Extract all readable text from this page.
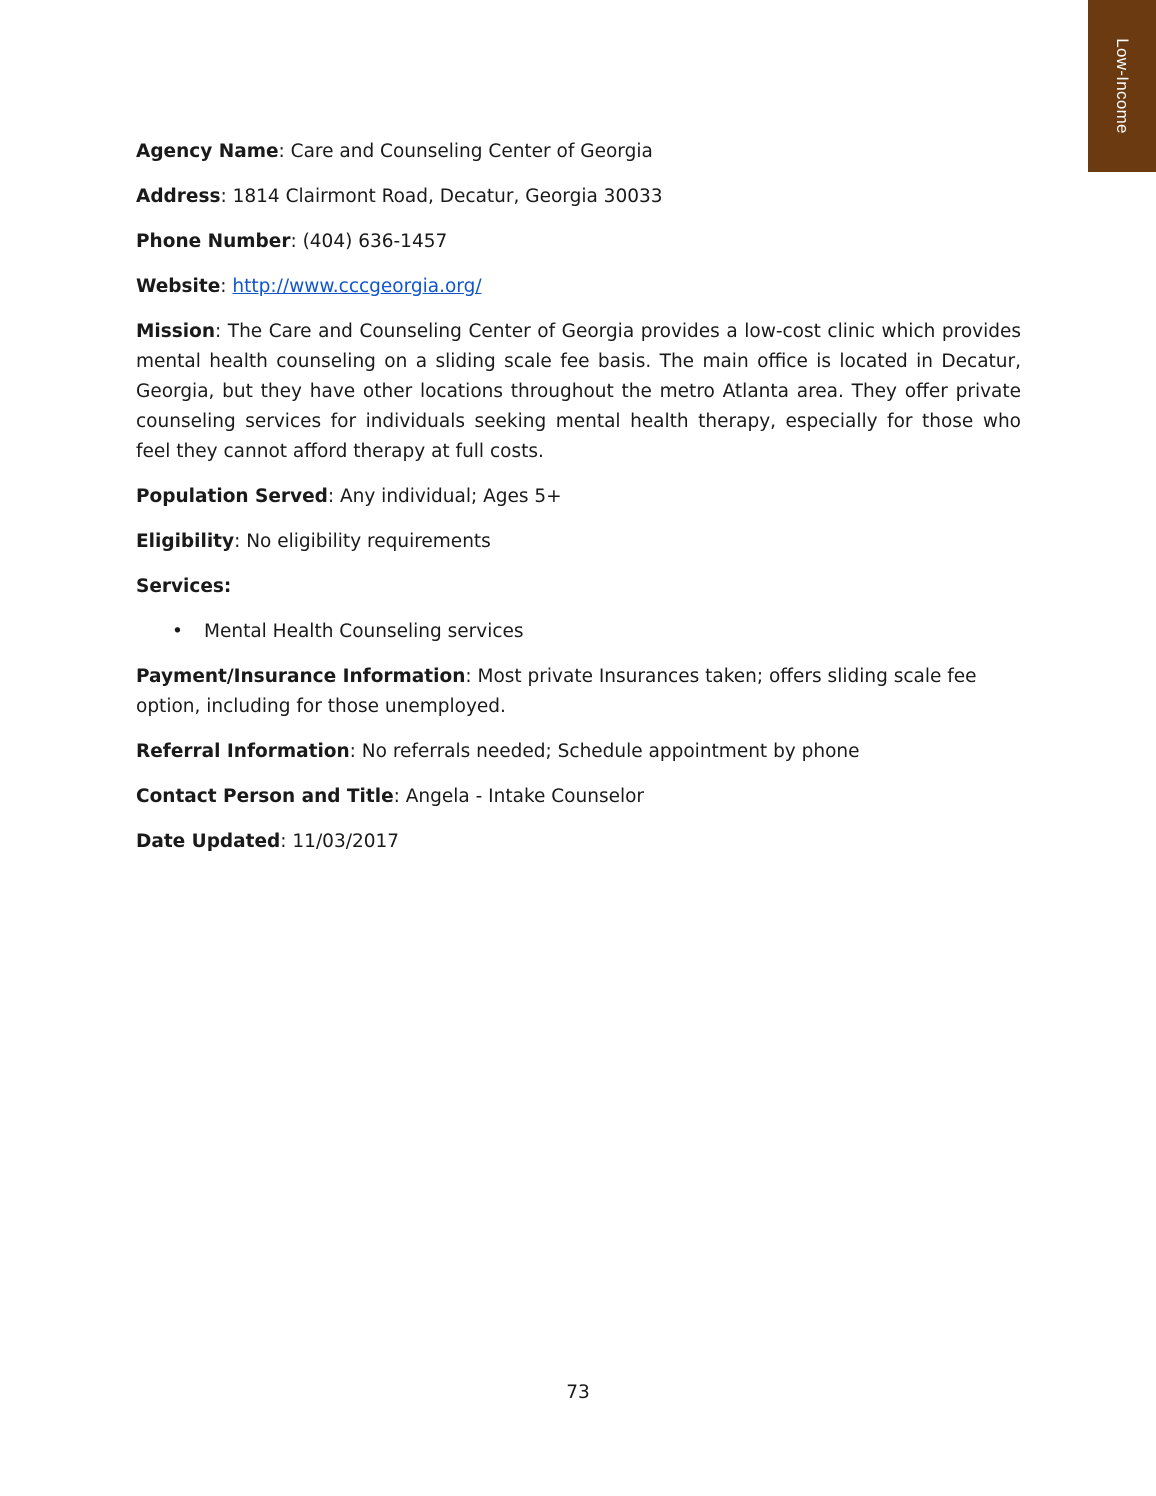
Low-Income

Agency Name: Care and Counseling Center of Georgia

Address: 1814 Clairmont Road, Decatur, Georgia 30033

Phone Number: (404) 636-1457

Website: http://www.cccgeorgia.org/

Mission: The Care and Counseling Center of Georgia provides a low-cost clinic which provides mental health counseling on a sliding scale fee basis. The main office is located in Decatur, Georgia, but they have other locations throughout the metro Atlanta area. They offer private counseling services for individuals seeking mental health therapy, especially for those who feel they cannot afford therapy at full costs.

Population Served: Any individual; Ages 5+

Eligibility: No eligibility requirements

Services:

• Mental Health Counseling services

Payment/Insurance Information: Most private Insurances taken; offers sliding scale fee option, including for those unemployed.

Referral Information: No referrals needed; Schedule appointment by phone

Contact Person and Title: Angela - Intake Counselor

Date Updated: 11/03/2017

73
